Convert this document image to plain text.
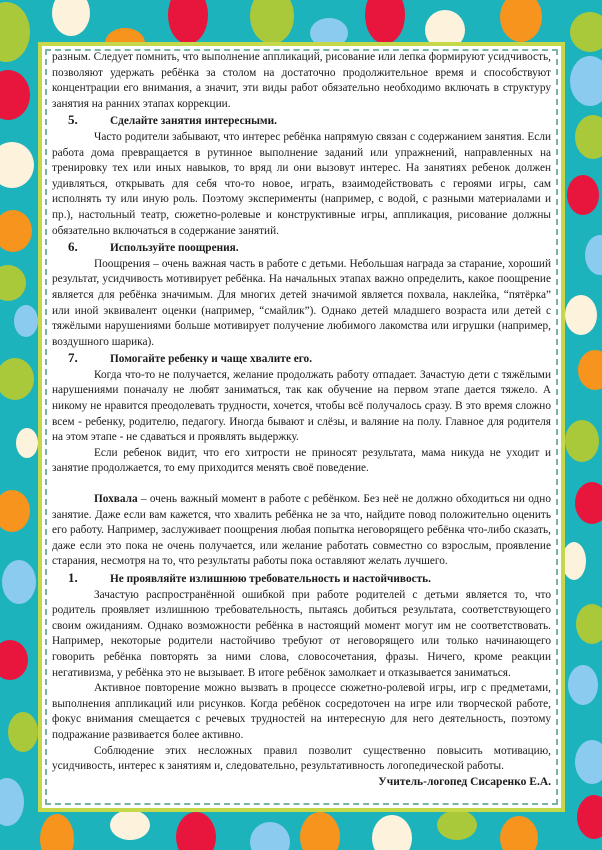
разным. Следует помнить, что выполнение аппликаций, рисование или лепка формируют усидчивость, позволяют удержать ребёнка за столом на достаточно продолжительное время и способствуют концентрации его внимания, а значит, эти виды работ обязательно необходимо включать в структуру занятия на ранних этапах коррекции.

5.	Сделайте занятия интересными.

Часто родители забывают, что интерес ребёнка напрямую связан с содержанием занятия. Если работа дома превращается в рутинное выполнение заданий или упражнений, направленных на тренировку тех или иных навыков, то вряд ли они вызовут интерес. На занятиях ребенок должен удивляться, открывать для себя что-то новое, играть, взаимодействовать с героями игры, сам исполнять ту или иную роль. Поэтому эксперименты (например, с водой, с разными материалами и пр.), настольный театр, сюжетно-ролевые и конструктивные игры, аппликация, рисование должны обязательно включаться в содержание занятий.

6.	Используйте поощрения.

Поощрения – очень важная часть в работе с детьми. Небольшая награда за старание, хороший результат, усидчивость мотивирует ребёнка. На начальных этапах важно определить, какое поощрение является для ребёнка значимым. Для многих детей значимой является похвала, наклейка, “пятёрка” или иной эквивалент оценки (например, “смайлик”). Однако детей младшего возраста или детей с тяжёлыми нарушениями больше мотивирует получение любимого лакомства или игрушки (например, воздушного шарика).

7.	Помогайте ребенку и чаще хвалите его.

Когда что-то не получается, желание продолжать работу отпадает. Зачастую дети с тяжёлыми нарушениями поначалу не любят заниматься, так как обучение на первом этапе дается тяжело. А никому не нравится преодолевать трудности, хочется, чтобы всё получалось сразу. В это время сложно всем - ребенку, родителю, педагогу. Иногда бывают и слёзы, и валяние на полу. Главное для родителя на этом этапе - не сдаваться и проявлять выдержку.

Если ребенок видит, что его хитрости не приносят результата, мама никуда не уходит и занятие продолжается, то ему приходится менять своё поведение.

Похвала – очень важный момент в работе с ребёнком. Без неё не должно обходиться ни одно занятие. Даже если вам кажется, что хвалить ребёнка не за что, найдите повод положительно оценить его работу. Например, заслуживает поощрения любая попытка неговорящего ребёнка что-либо сказать, даже если это пока не очень получается, или желание работать совместно со взрослым, проявление старания, несмотря на то, что результаты работы пока оставляют желать лучшего.

1.	Не проявляйте излишнюю требовательность и настойчивость.

Зачастую распространённой ошибкой при работе родителей с детьми является то, что родитель проявляет излишнюю требовательность, пытаясь добиться результата, соответствующего своим ожиданиям. Однако возможности ребёнка в настоящий момент могут им не соответствовать. Например, некоторые родители настойчиво требуют от неговорящего или только начинающего говорить ребёнка повторять за ними слова, словосочетания, фразы. Ничего, кроме реакции негативизма, у ребёнка это не вызывает. В итоге ребёнок замолкает и отказывается заниматься.

Активное повторение можно вызвать в процессе сюжетно-ролевой игры, игр с предметами, выполнения аппликаций или рисунков. Когда ребёнок сосредоточен на игре или творческой работе, фокус внимания смещается с речевых трудностей на интересную для него деятельность, поэтому подражание развивается более активно.

Соблюдение этих несложных правил позволит существенно повысить мотивацию, усидчивость, интерес к занятиям и, следовательно, результативность логопедической работы.

Учитель-логопед Сисаренко Е.А.
